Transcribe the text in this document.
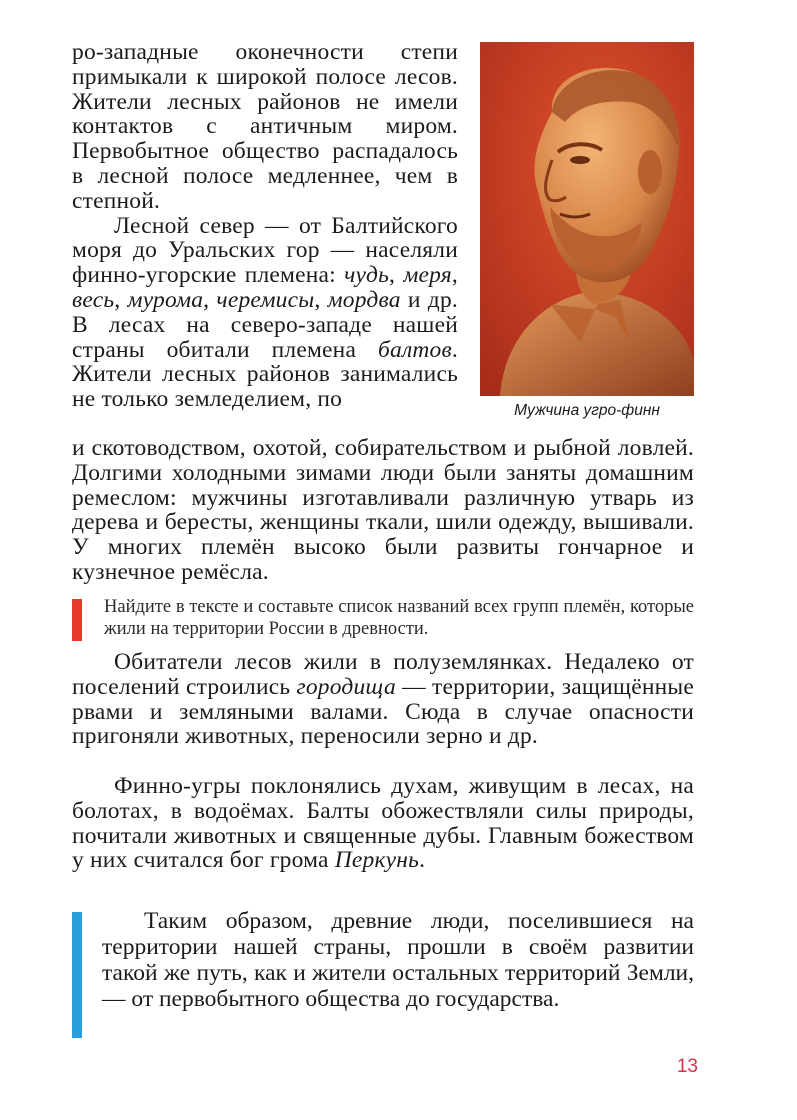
ро-западные оконечности степи примыкали к широкой полосе лесов. Жители лесных районов не имели контактов с античным миром. Первобытное общество распадалось в лесной полосе медленнее, чем в степной.

Лесной север — от Балтийского моря до Уральских гор — населяли финно-угорские племена: чудь, меря, весь, мурома, черемисы, мордва и др. В лесах на северо-западе нашей страны обитали племена балтов. Жители лесных районов занимались не только земледелием, по	Мужчина угро-финн

и скотоводством, охотой, собирательством и рыбной ловлей. Долгими холодными зимами люди были заняты домашним ремеслом: мужчины изготавливали различную утварь из дерева и бересты, женщины ткали, шили одежду, вышивали. У многих племён высоко были развиты гончарное и кузнечное ремёсла.

Найдите в тексте и составьте список названий всех групп племён, которые жили на территории России в древности.

Обитатели лесов жили в полуземлянках. Недалеко от поселений строились городища — территории, защищённые рвами и земляными валами. Сюда в случае опасности пригоняли животных, переносили зерно и др.

Финно-угры поклонялись духам, живущим в лесах, на болотах, в водоёмах. Балты обожествляли силы природы, почитали животных и священные дубы. Главным божеством у них считался бог грома Перкунь.

Таким образом, древние люди, поселившиеся на территории нашей страны, прошли в своём развитии такой же путь, как и жители остальных территорий Земли, — от первобытного общества до государства.

13
